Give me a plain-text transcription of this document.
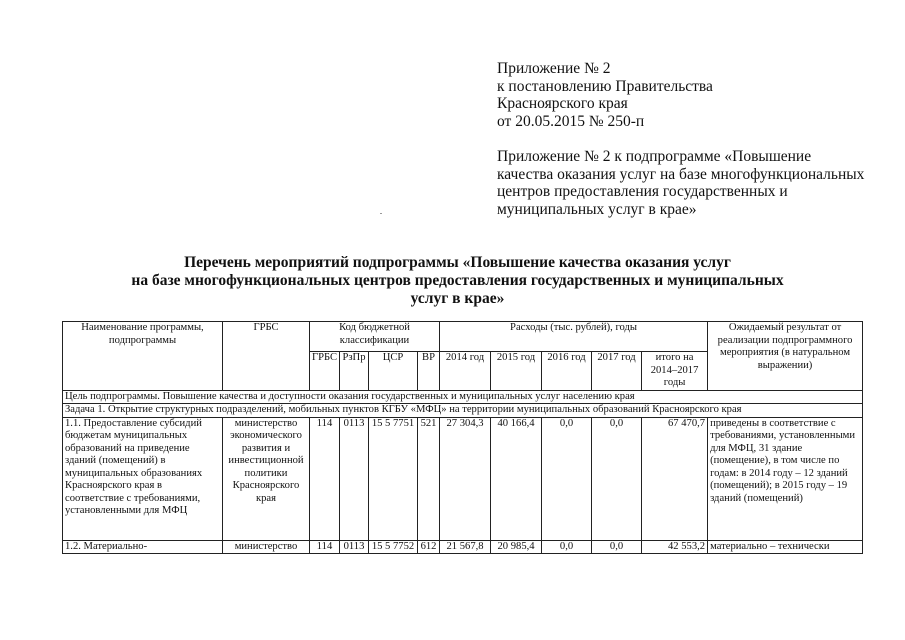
Приложение № 2
к постановлению Правительства
Красноярского края
от 20.05.2015 № 250-п
Приложение № 2 к подпрограмме «Повышение
качества оказания услуг на базе многофункциональных
центров предоставления государственных и
муниципальных услуг в крае»
Перечень мероприятий подпрограммы «Повышение качества оказания услуг
на базе многофункциональных центров предоставления государственных и муниципальных
услуг в крае»
Наименование программы, подпрограммы	ГРБС	Код бюджетной классификации				Расходы (тыс. рублей), годы					Ожидаемый результат от реализации подпрограммного мероприятия (в натуральном выражении)
		ГРБС	РзПр	ЦСР	ВР	2014 год	2015 год	2016 год	2017 год	итого на 2014–2017 годы	
Цель подпрограммы. Повышение качества и доступности оказания государственных и муниципальных услуг населению края											
Задача 1. Открытие структурных подразделений, мобильных пунктов КГБУ «МФЦ» на территории муниципальных образований Красноярского края											
1.1. Предоставление субсидий бюджетам муниципальных образований на приведение зданий (помещений) в муниципальных образованиях Красноярского края в соответствие с требованиями, установленными для МФЦ	министерство экономического развития и инвестиционной политики Красноярского края	114	0113	15 5 7751	521	27 304,3	40 166,4	0,0	0,0	67 470,7	приведены в соответствие с требованиями, установленными для МФЦ, 31 здание (помещение), в том числе по годам: в 2014 году – 12 зданий (помещений); в 2015 году – 19 зданий (помещений)
1.2. Материально-	министерство	114	0113	15 5 7752	612	21 567,8	20 985,4	0,0	0,0	42 553,2	материально – технически
